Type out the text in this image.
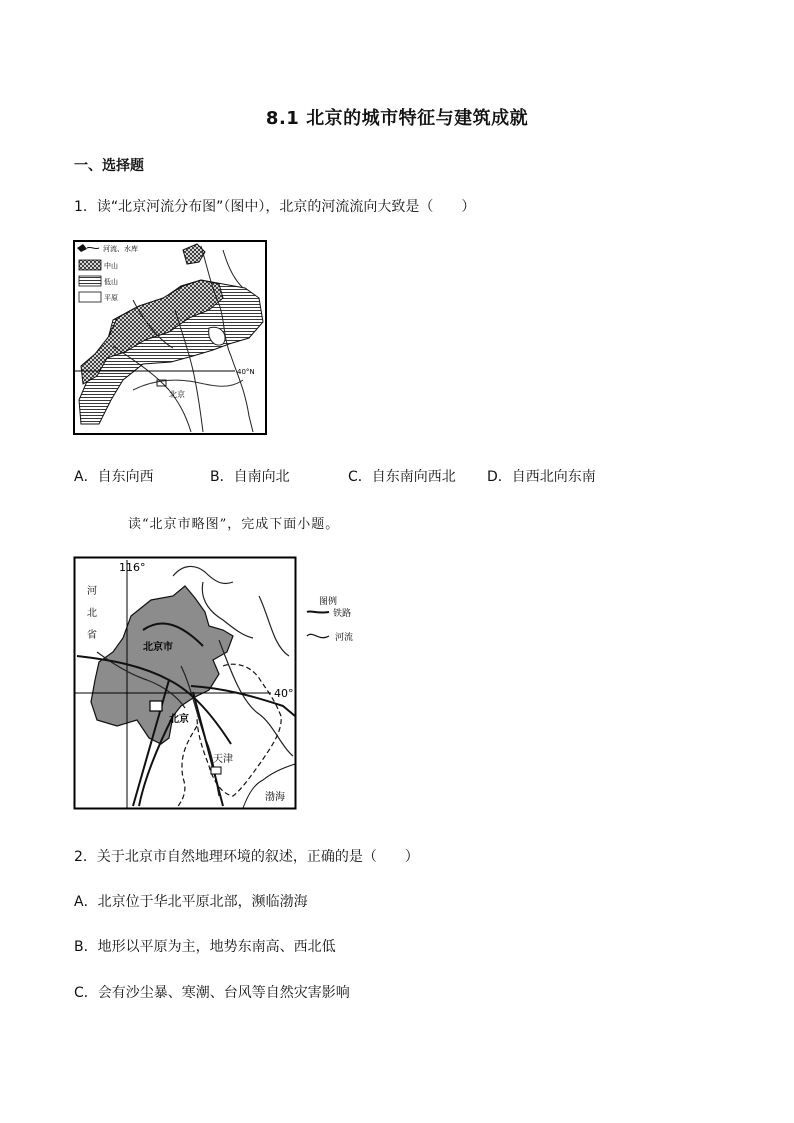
8.1 北京的城市特征与建筑成就
一、选择题
1．读“北京河流分布图”（图中），北京的河流流向大致是（　　）
40°N
北京
河流、水库
中山
低山
平原
A．自东向西	B．自南向北	C．自东南向西北 D．自西北向东南
读“北京市略图”，完成下面小题。
116°
40°
河
北
省
北京市
北京
天津
渤海
图例
铁路
河流
2．关于北京市自然地理环境的叙述，正确的是（　　）
A．北京位于华北平原北部，濒临渤海
B．地形以平原为主，地势东南高、西北低
C．会有沙尘暴、寒潮、台风等自然灾害影响
